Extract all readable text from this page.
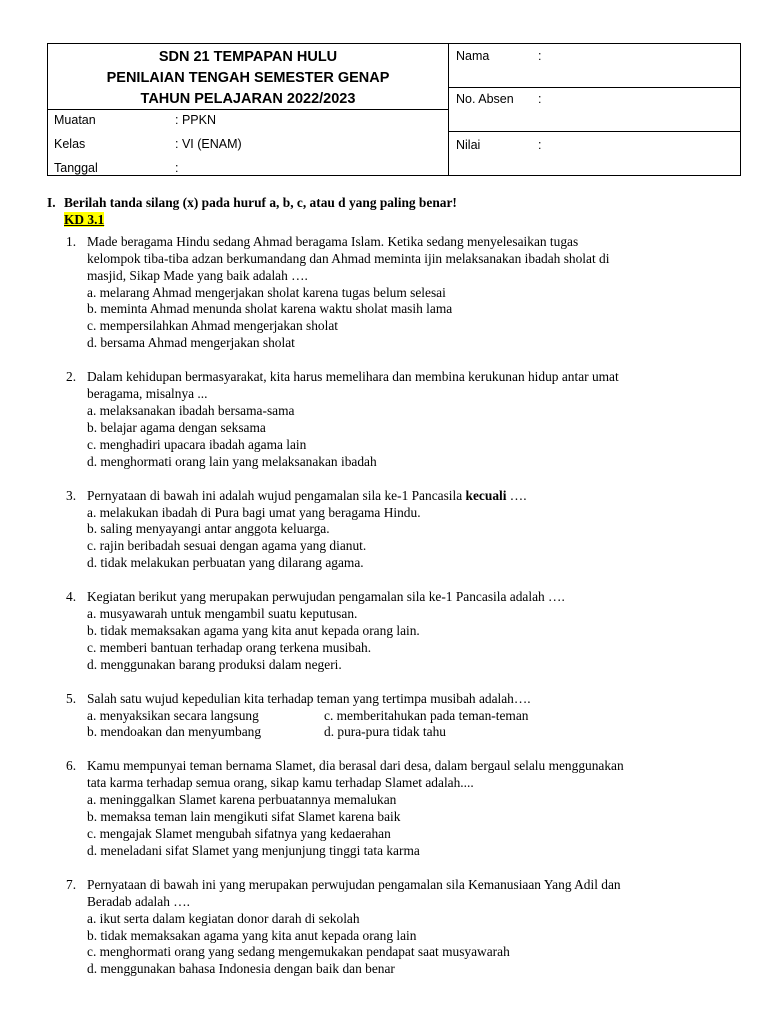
SDN 21 TEMPAPAN HULU
PENILAIAN TENGAH SEMESTER GENAP
TAHUN PELAJARAN 2022/2023
Muatan	: PPKN
Kelas	: VI (ENAM)
Tanggal	:
Nama	:
No. Absen :
Nilai	:
I. Berilah tanda silang (x) pada huruf a, b, c, atau d yang paling benar!
KD 3.1
1. Made beragama Hindu sedang Ahmad beragama Islam. Ketika sedang menyelesaikan tugas
kelompok tiba-tiba adzan berkumandang dan Ahmad meminta ijin melaksanakan ibadah sholat di
masjid, Sikap Made yang baik adalah ….
a. melarang Ahmad mengerjakan sholat karena tugas belum selesai
b. meminta Ahmad menunda sholat karena waktu sholat masih lama
c. mempersilahkan Ahmad mengerjakan sholat
d. bersama Ahmad mengerjakan sholat
2. Dalam kehidupan bermasyarakat, kita harus memelihara dan membina kerukunan hidup antar umat
beragama, misalnya ...
a. melaksanakan ibadah bersama-sama
b. belajar agama dengan seksama
c. menghadiri upacara ibadah agama lain
d. menghormati orang lain yang melaksanakan ibadah
3. Pernyataan di bawah ini adalah wujud pengamalan sila ke-1 Pancasila kecuali ….
a. melakukan ibadah di Pura bagi umat yang beragama Hindu.
b. saling menyayangi antar anggota keluarga.
c. rajin beribadah sesuai dengan agama yang dianut.
d. tidak melakukan perbuatan yang dilarang agama.
4. Kegiatan berikut yang merupakan perwujudan pengamalan sila ke-1 Pancasila adalah ….
a. musyawarah untuk mengambil suatu keputusan.
b. tidak memaksakan agama yang kita anut kepada orang lain.
c. memberi bantuan terhadap orang terkena musibah.
d. menggunakan barang produksi dalam negeri.
5. Salah satu wujud kepedulian kita terhadap teman yang tertimpa musibah adalah….
a. menyaksikan secara langsung	c. memberitahukan pada teman-teman
b. mendoakan dan menyumbang	d. pura-pura tidak tahu
6. Kamu mempunyai teman bernama Slamet, dia berasal dari desa, dalam bergaul selalu menggunakan
tata karma terhadap semua orang, sikap kamu terhadap Slamet adalah....
a. meninggalkan Slamet karena perbuatannya memalukan
b. memaksa teman lain mengikuti sifat Slamet karena baik
c. mengajak Slamet mengubah sifatnya yang kedaerahan
d. meneladani sifat Slamet yang menjunjung tinggi tata karma
7. Pernyataan di bawah ini yang merupakan perwujudan pengamalan sila Kemanusiaan Yang Adil dan
Beradab adalah ….
a. ikut serta dalam kegiatan donor darah di sekolah
b. tidak memaksakan agama yang kita anut kepada orang lain
c. menghormati orang yang sedang mengemukakan pendapat saat musyawarah
d. menggunakan bahasa Indonesia dengan baik dan benar
